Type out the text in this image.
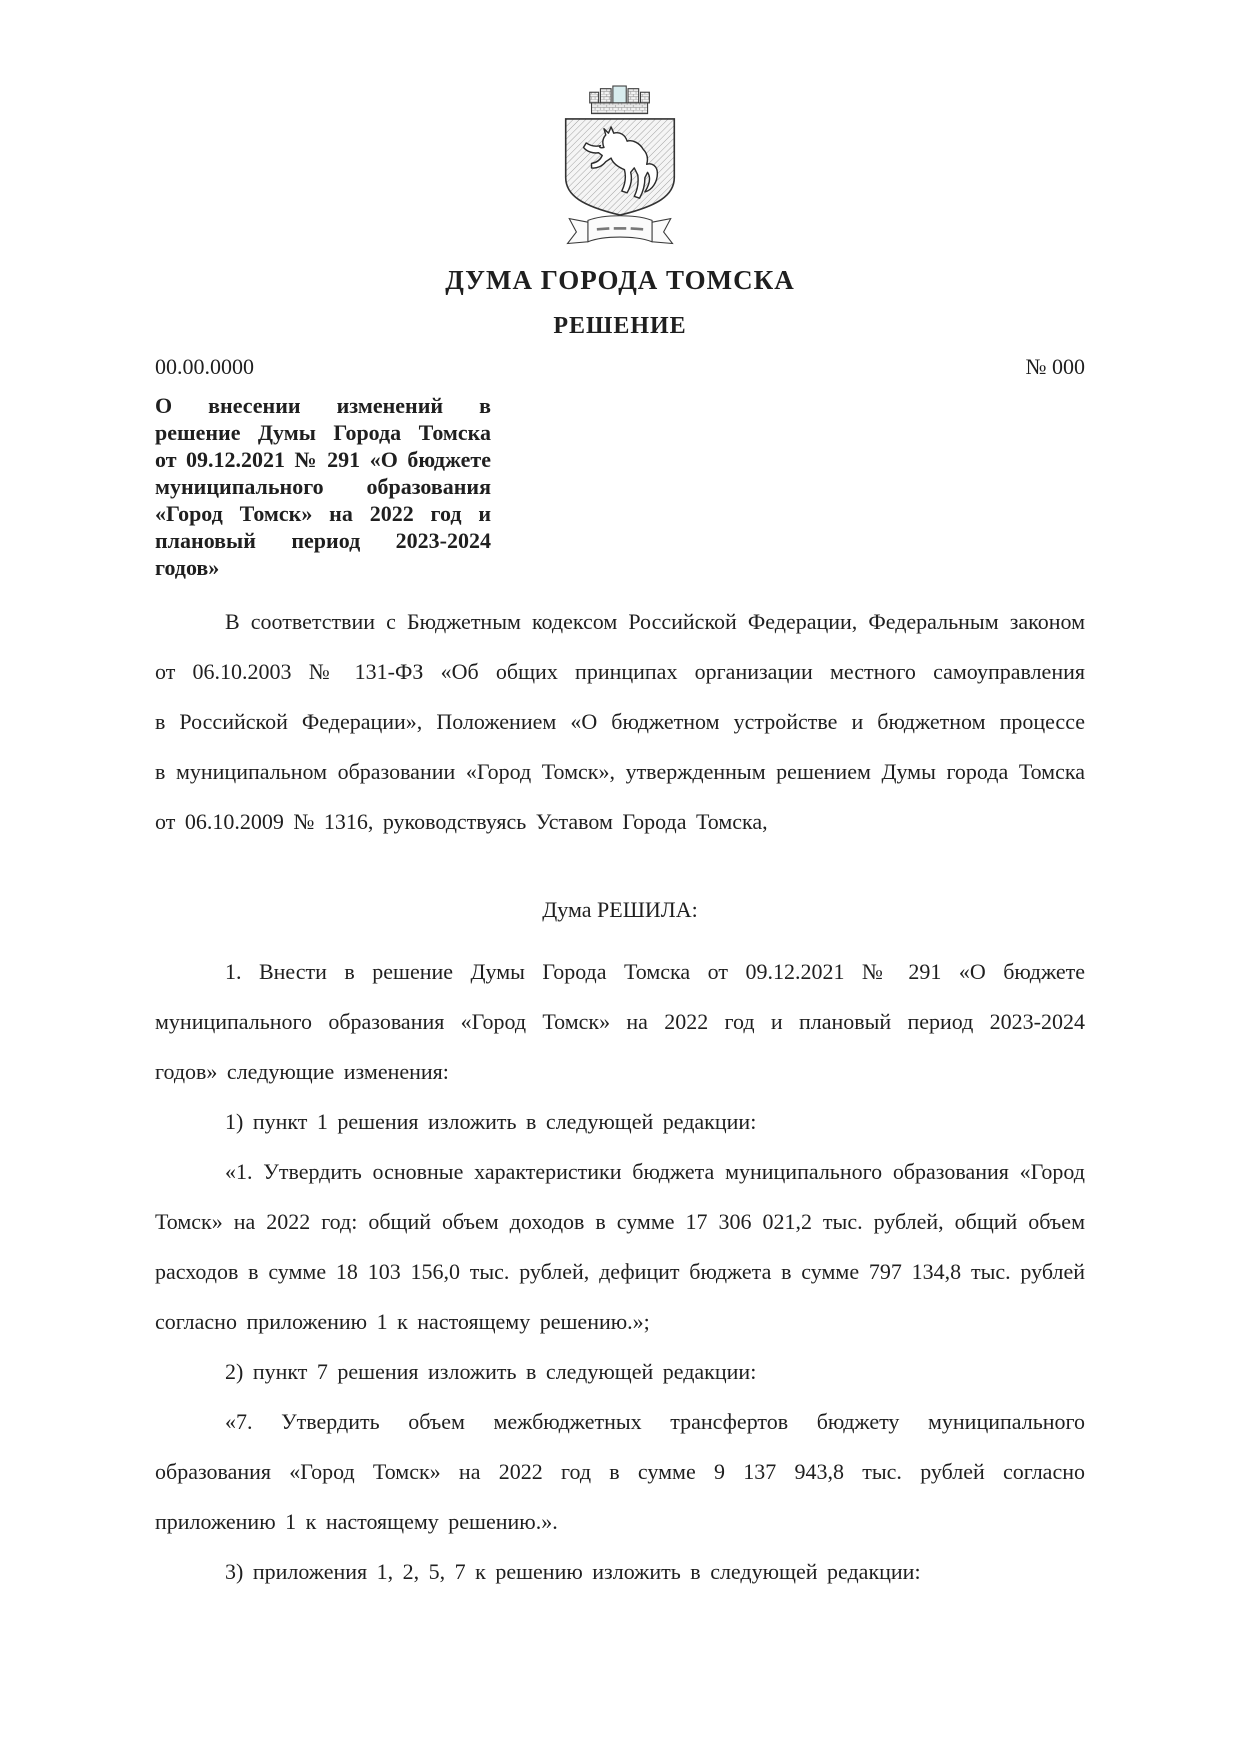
ДУМА ГОРОДА ТОМСКА
РЕШЕНИЕ
00.00.0000	№ 000
О внесении изменений в решение Думы Города Томска от 09.12.2021 № 291 «О бюджете муниципального образования «Город Томск» на 2022 год и плановый период 2023-2024 годов»

В соответствии с Бюджетным кодексом Российской Федерации, Федеральным законом от 06.10.2003 № 131-ФЗ «Об общих принципах организации местного самоуправления в Российской Федерации», Положением «О бюджетном устройстве и бюджетном процессе в муниципальном образовании «Город Томск», утвержденным решением Думы города Томска от 06.10.2009 № 1316, руководствуясь Уставом Города Томска,

Дума РЕШИЛА:

1. Внести в решение Думы Города Томска от 09.12.2021 № 291 «О бюджете муниципального образования «Город Томск» на 2022 год и плановый период 2023-2024 годов» следующие изменения:

1) пункт 1 решения изложить в следующей редакции:

«1. Утвердить основные характеристики бюджета муниципального образования «Город Томск» на 2022 год: общий объем доходов в сумме 17 306 021,2 тыс. рублей, общий объем расходов в сумме 18 103 156,0 тыс. рублей, дефицит бюджета в сумме 797 134,8 тыс. рублей согласно приложению 1 к настоящему решению.»;

2) пункт 7 решения изложить в следующей редакции:

«7. Утвердить объем межбюджетных трансфертов бюджету муниципального образования «Город Томск» на 2022 год в сумме 9 137 943,8 тыс. рублей согласно приложению 1 к настоящему решению.».

3) приложения 1, 2, 5, 7 к решению изложить в следующей редакции:
